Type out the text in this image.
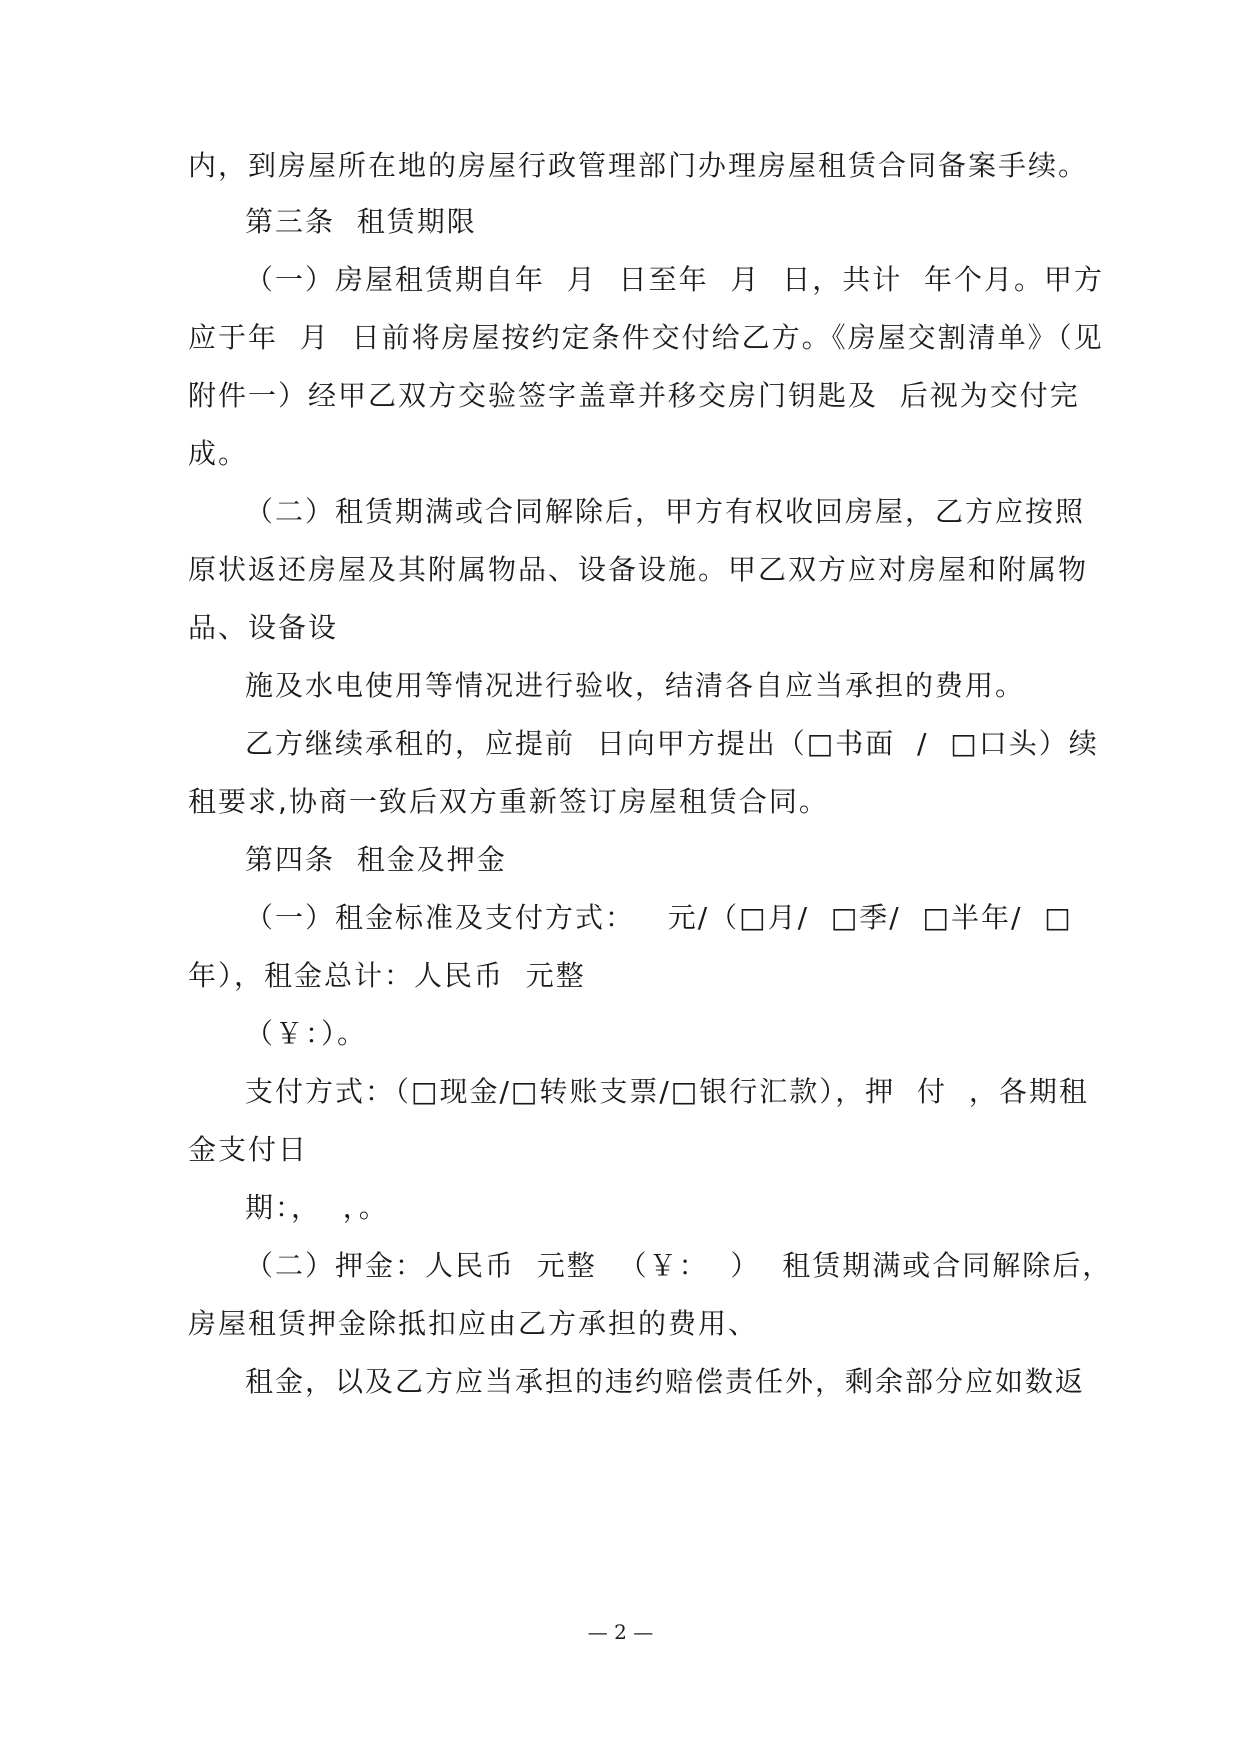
内，到房屋所在地的房屋行政管理部门办理房屋租赁合同备案手续。
第三条  租赁期限
（一）房屋租赁期自年  月  日至年  月  日，共计  年个月。甲方
应于年  月  日前将房屋按约定条件交付给乙方。《房屋交割清单》（见
附件一）经甲乙双方交验签字盖章并移交房门钥匙及  后视为交付完
成。
（二）租赁期满或合同解除后，甲方有权收回房屋，乙方应按照
原状返还房屋及其附属物品、设备设施。甲乙双方应对房屋和附属物
品、设备设
施及水电使用等情况进行验收，结清各自应当承担的费用。
乙方继续承租的，应提前  日向甲方提出（□书面  /  □口头）续
租要求,协商一致后双方重新签订房屋租赁合同。
第四条  租金及押金
（一）租金标准及支付方式：   元/（□月/  □季/  □半年/  □
年），租金总计：人民币  元整
（￥：）。
支付方式：（□现金/□转账支票/□银行汇款），押  付  ，各期租
金支付日
期：，  ，。
（二）押金：人民币  元整  （￥：  ）  租赁期满或合同解除后，
房屋租赁押金除抵扣应由乙方承担的费用、
租金，以及乙方应当承担的违约赔偿责任外，剩余部分应如数返
— 2 —
